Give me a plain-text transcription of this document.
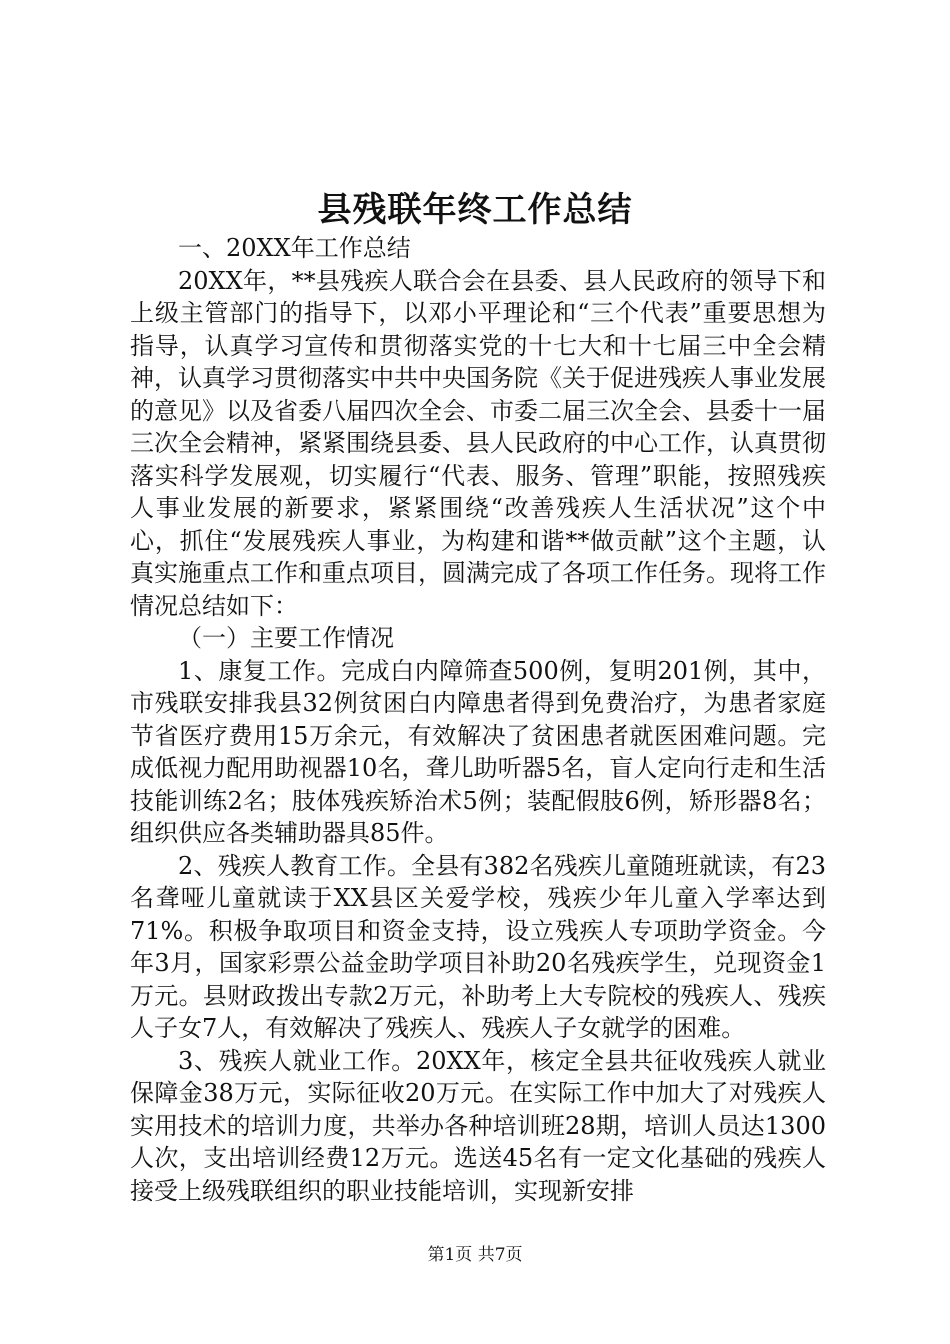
县残联年终工作总结

一、20XX年工作总结

20XX年，**县残疾人联合会在县委、县人民政府的领导下和上级主管部门的指导下，以邓小平理论和“三个代表”重要思想为指导，认真学习宣传和贯彻落实党的十七大和十七届三中全会精神，认真学习贯彻落实中共中央国务院《关于促进残疾人事业发展的意见》以及省委八届四次全会、市委二届三次全会、县委十一届三次全会精神，紧紧围绕县委、县人民政府的中心工作，认真贯彻落实科学发展观，切实履行“代表、服务、管理”职能，按照残疾人事业发展的新要求，紧紧围绕“改善残疾人生活状况”这个中心，抓住“发展残疾人事业，为构建和谐**做贡献”这个主题，认真实施重点工作和重点项目，圆满完成了各项工作任务。现将工作情况总结如下：

（一）主要工作情况

1、康复工作。完成白内障筛查500例，复明201例，其中，市残联安排我县32例贫困白内障患者得到免费治疗，为患者家庭节省医疗费用15万余元，有效解决了贫困患者就医困难问题。完成低视力配用助视器10名，聋儿助听器5名，盲人定向行走和生活技能训练2名；肢体残疾矫治术5例；装配假肢6例，矫形器8名；组织供应各类辅助器具85件。

2、残疾人教育工作。全县有382名残疾儿童随班就读，有23名聋哑儿童就读于XX县区关爱学校，残疾少年儿童入学率达到71%。积极争取项目和资金支持，设立残疾人专项助学资金。今年3月，国家彩票公益金助学项目补助20名残疾学生，兑现资金1万元。县财政拨出专款2万元，补助考上大专院校的残疾人、残疾人子女7人，有效解决了残疾人、残疾人子女就学的困难。

3、残疾人就业工作。20XX年，核定全县共征收残疾人就业保障金38万元，实际征收20万元。在实际工作中加大了对残疾人实用技术的培训力度，共举办各种培训班28期，培训人员达1300人次，支出培训经费12万元。选送45名有一定文化基础的残疾人接受上级残联组织的职业技能培训，实现新安排

第1页 共7页
